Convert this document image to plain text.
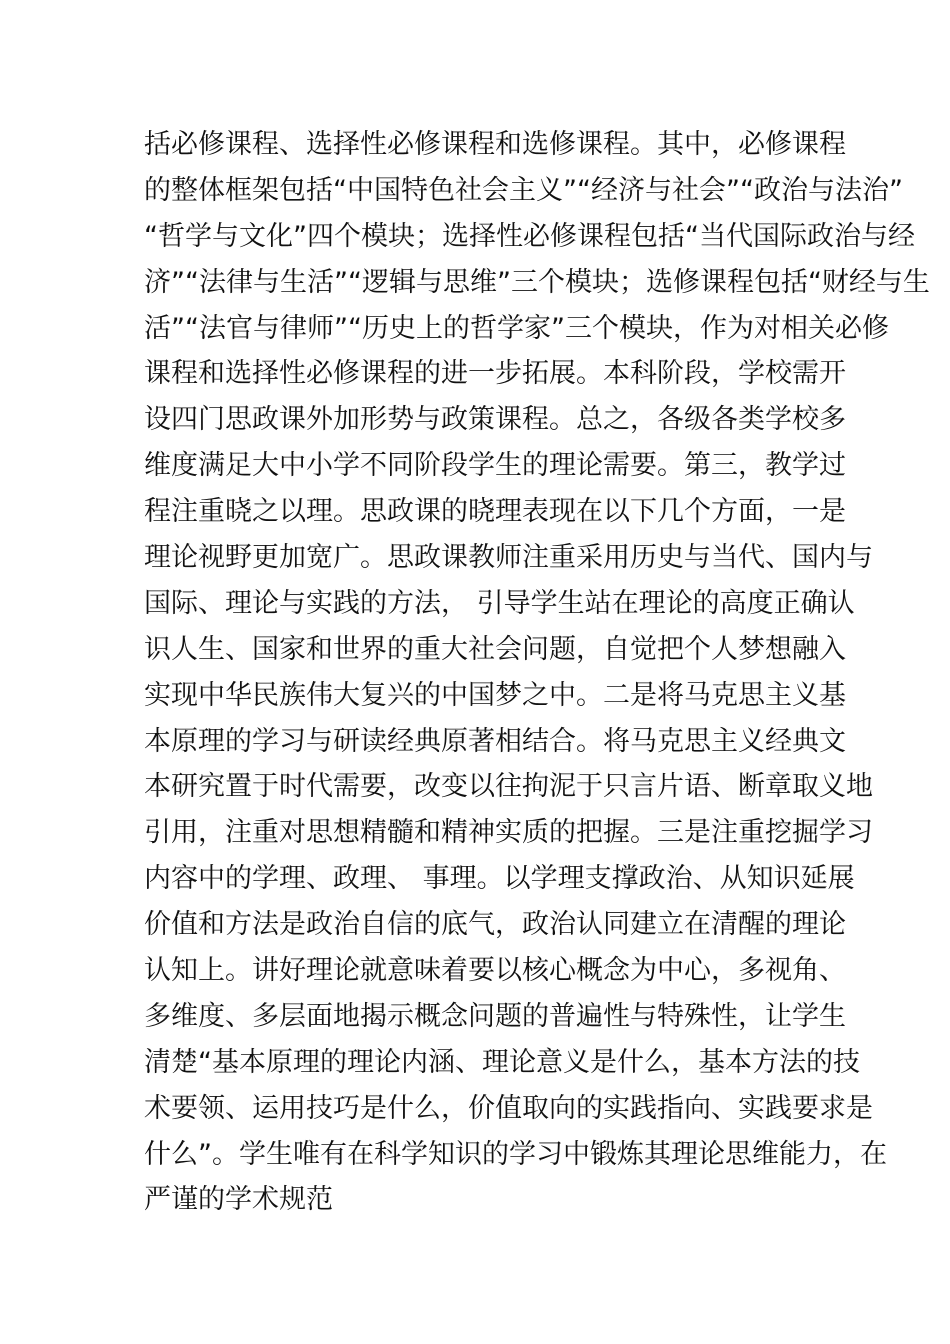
括必修课程、选择性必修课程和选修课程。其中，必修课程
的整体框架包括“中国特色社会主义”“经济与社会”“政治与法治”
“哲学与文化”四个模块；选择性必修课程包括“当代国际政治与经
济”“法律与生活”“逻辑与思维”三个模块；选修课程包括“财经与生
活”“法官与律师”“历史上的哲学家”三个模块，作为对相关必修
课程和选择性必修课程的进一步拓展。本科阶段，学校需开
设四门思政课外加形势与政策课程。总之，各级各类学校多
维度满足大中小学不同阶段学生的理论需要。第三，教学过
程注重晓之以理。思政课的晓理表现在以下几个方面，一是
理论视野更加宽广。思政课教师注重采用历史与当代、国内与
国际、理论与实践的方法， 引导学生站在理论的高度正确认
识人生、国家和世界的重大社会问题，自觉把个人梦想融入
实现中华民族伟大复兴的中国梦之中。二是将马克思主义基
本原理的学习与研读经典原著相结合。将马克思主义经典文
本研究置于时代需要，改变以往拘泥于只言片语、断章取义地
引用，注重对思想精髓和精神实质的把握。三是注重挖掘学习
内容中的学理、政理、 事理。以学理支撑政治、从知识延展
价值和方法是政治自信的底气，政治认同建立在清醒的理论
认知上。讲好理论就意味着要以核心概念为中心，多视角、
多维度、多层面地揭示概念问题的普遍性与特殊性，让学生
清楚“基本原理的理论内涵、理论意义是什么，基本方法的技
术要领、运用技巧是什么，价值取向的实践指向、实践要求是
什么”。学生唯有在科学知识的学习中锻炼其理论思维能力，在
严谨的学术规范
